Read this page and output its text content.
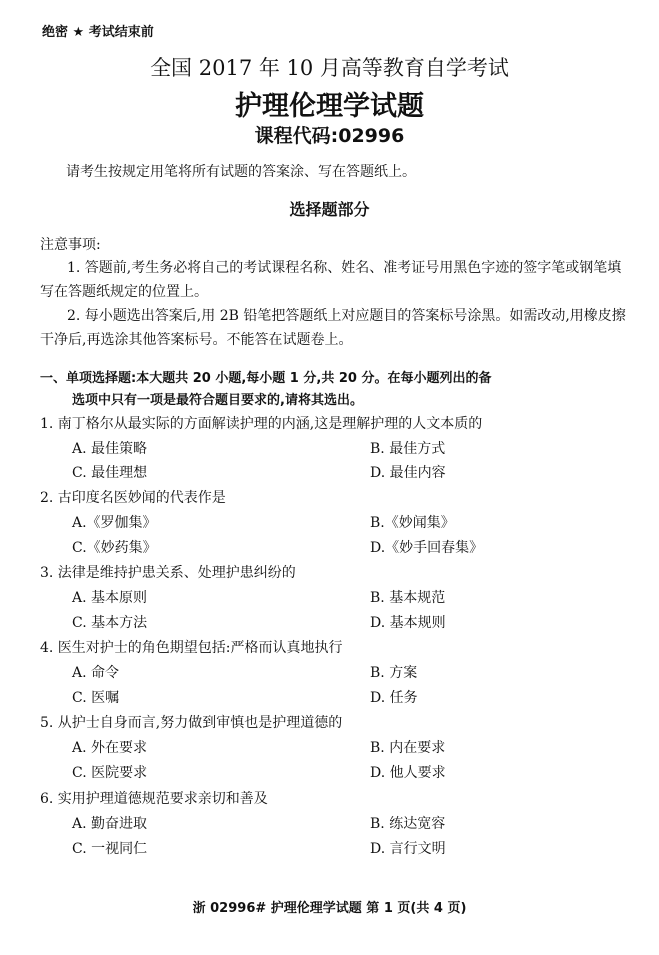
绝密 ★ 考试结束前
全国 2017 年 10 月高等教育自学考试
护理伦理学试题
课程代码:02996
请考生按规定用笔将所有试题的答案涂、写在答题纸上。
选择题部分
注意事项:
1. 答题前,考生务必将自己的考试课程名称、姓名、准考证号用黑色字迹的签字笔或钢笔填写在答题纸规定的位置上。
2. 每小题选出答案后,用 2B 铅笔把答题纸上对应题目的答案标号涂黑。如需改动,用橡皮擦干净后,再选涂其他答案标号。不能答在试题卷上。
一、单项选择题:本大题共 20 小题,每小题 1 分,共 20 分。在每小题列出的备
选项中只有一项是最符合题目要求的,请将其选出。
1. 南丁格尔从最实际的方面解读护理的内涵,这是理解护理的人文本质的
A. 最佳策略	B. 最佳方式
C. 最佳理想	D. 最佳内容
2. 古印度名医妙闻的代表作是
A.《罗伽集》	B.《妙闻集》
C.《妙药集》	D.《妙手回春集》
3. 法律是维持护患关系、处理护患纠纷的
A. 基本原则	B. 基本规范
C. 基本方法	D. 基本规则
4. 医生对护士的角色期望包括:严格而认真地执行
A. 命令	B. 方案
C. 医嘱	D. 任务
5. 从护士自身而言,努力做到审慎也是护理道德的
A. 外在要求	B. 内在要求
C. 医院要求	D. 他人要求
6. 实用护理道德规范要求亲切和善及
A. 勤奋进取	B. 练达宽容
C. 一视同仁	D. 言行文明
浙 02996# 护理伦理学试题 第 1 页(共 4 页)
